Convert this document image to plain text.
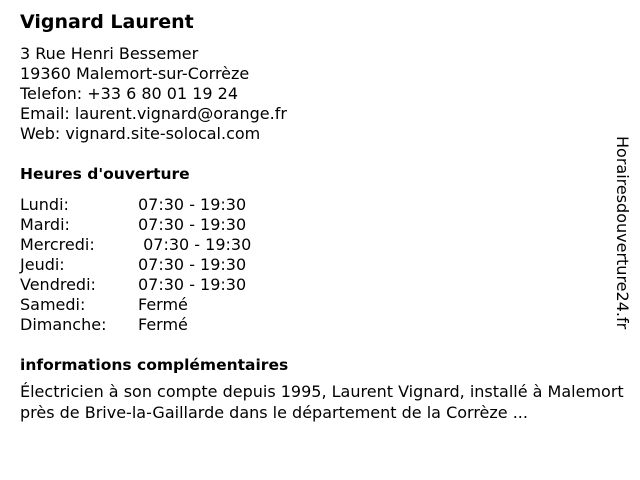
Vignard Laurent
3 Rue Henri Bessemer
19360 Malemort-sur-Corrèze
Telefon: +33 6 80 01 19 24
Email: laurent.vignard@orange.fr
Web: vignard.site-solocal.com
Heures d'ouverture
Lundi:	07:30 - 19:30
Mardi:	07:30 - 19:30
Mercredi:	07:30 - 19:30
Jeudi:	07:30 - 19:30
Vendredi:	07:30 - 19:30
Samedi:	Fermé
Dimanche:	Fermé
informations complémentaires
Électricien à son compte depuis 1995, Laurent Vignard, installé à Malemort près de Brive-la-Gaillarde dans le département de la Corrèze ...
Horairesdouverture24.fr
